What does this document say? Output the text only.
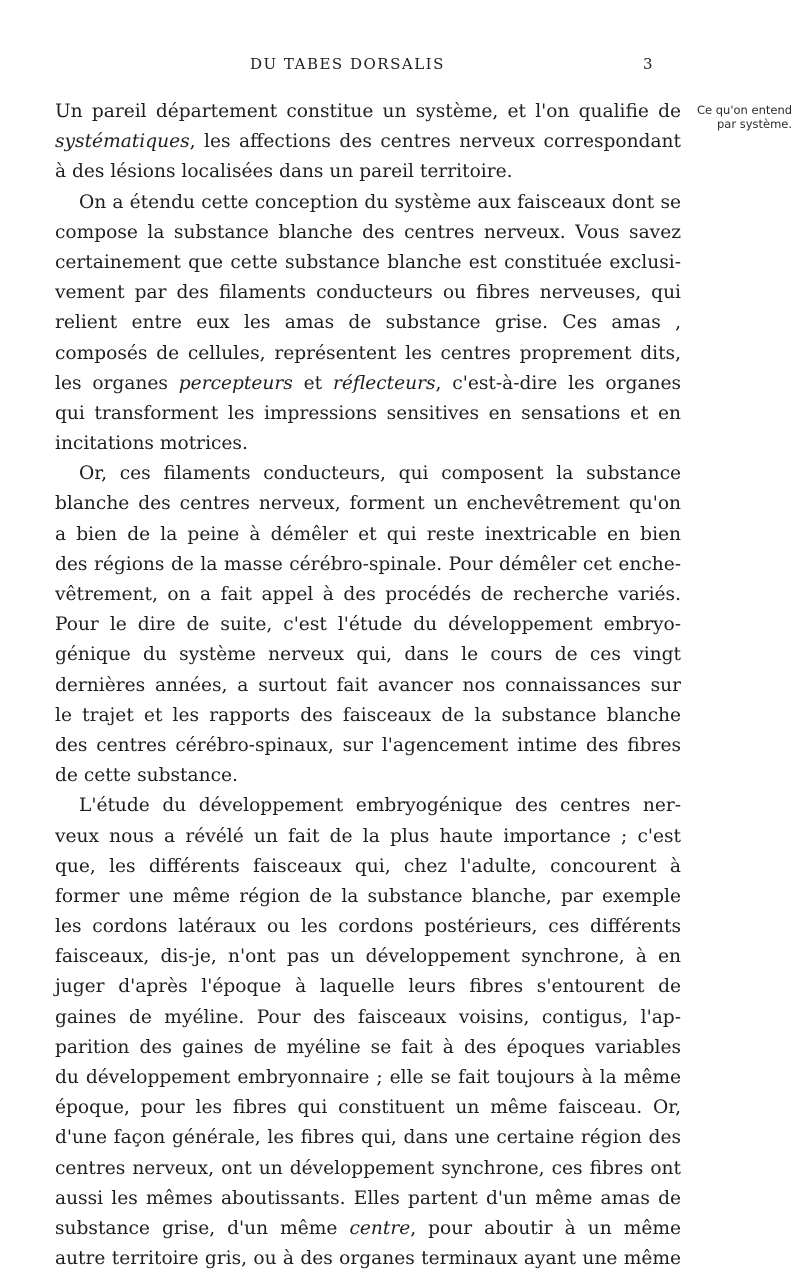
DU TABES DORSALIS	3
Ce qu'on entend
par système.
Un pareil département constitue un système, et l'on qualifie de
systématiques, les affections des centres nerveux correspondant
à des lésions localisées dans un pareil territoire.
On a étendu cette conception du système aux faisceaux dont se
compose la substance blanche des centres nerveux. Vous savez
certainement que cette substance blanche est constituée exclusi-
vement par des filaments conducteurs ou fibres nerveuses, qui
relient entre eux les amas de substance grise. Ces amas ,
composés de cellules, représentent les centres proprement dits,
les organes percepteurs et réflecteurs, c'est-à-dire les organes
qui transforment les impressions sensitives en sensations et en
incitations motrices.
Or, ces filaments conducteurs, qui composent la substance
blanche des centres nerveux, forment un enchevêtrement qu'on
a bien de la peine à démêler et qui reste inextricable en bien
des régions de la masse cérébro-spinale. Pour démêler cet enche-
vêtrement, on a fait appel à des procédés de recherche variés.
Pour le dire de suite, c'est l'étude du développement embryo-
génique du système nerveux qui, dans le cours de ces vingt
dernières années, a surtout fait avancer nos connaissances sur
le trajet et les rapports des faisceaux de la substance blanche
des centres cérébro-spinaux, sur l'agencement intime des fibres
de cette substance.
L'étude du développement embryogénique des centres ner-
veux nous a révélé un fait de la plus haute importance ; c'est
que, les différents faisceaux qui, chez l'adulte, concourent à
former une même région de la substance blanche, par exemple
les cordons latéraux ou les cordons postérieurs, ces différents
faisceaux, dis-je, n'ont pas un développement synchrone, à en
juger d'après l'époque à laquelle leurs fibres s'entourent de
gaines de myéline. Pour des faisceaux voisins, contigus, l'ap-
parition des gaines de myéline se fait à des époques variables
du développement embryonnaire ; elle se fait toujours à la même
époque, pour les fibres qui constituent un même faisceau. Or,
d'une façon générale, les fibres qui, dans une certaine région des
centres nerveux, ont un développement synchrone, ces fibres ont
aussi les mêmes aboutissants. Elles partent d'un même amas de
substance grise, d'un même centre, pour aboutir à un même
autre territoire gris, ou à des organes terminaux ayant une même
